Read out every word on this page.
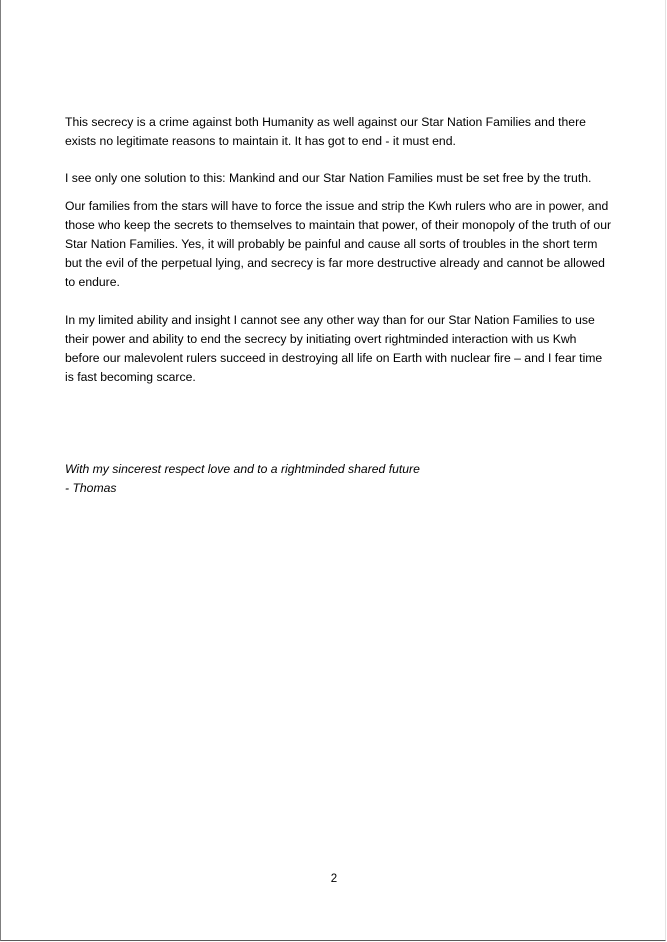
This secrecy is a crime against both Humanity as well against our Star Nation Families and there exists no legitimate reasons to maintain it. It has got to end - it must end.

I see only one solution to this: Mankind and our Star Nation Families must be set free by the truth.

Our families from the stars will have to force the issue and strip the Kwh rulers who are in power, and those who keep the secrets to themselves to maintain that power, of their monopoly of the truth of our Star Nation Families. Yes, it will probably be painful and cause all sorts of troubles in the short term but the evil of the perpetual lying, and secrecy is far more destructive already and cannot be allowed to endure.

In my limited ability and insight I cannot see any other way than for our Star Nation Families to use their power and ability to end the secrecy by initiating overt rightminded interaction with us Kwh before our malevolent rulers succeed in destroying all life on Earth with nuclear fire – and I fear time is fast becoming scarce.

With my sincerest respect love and to a rightminded shared future
- Thomas
2
